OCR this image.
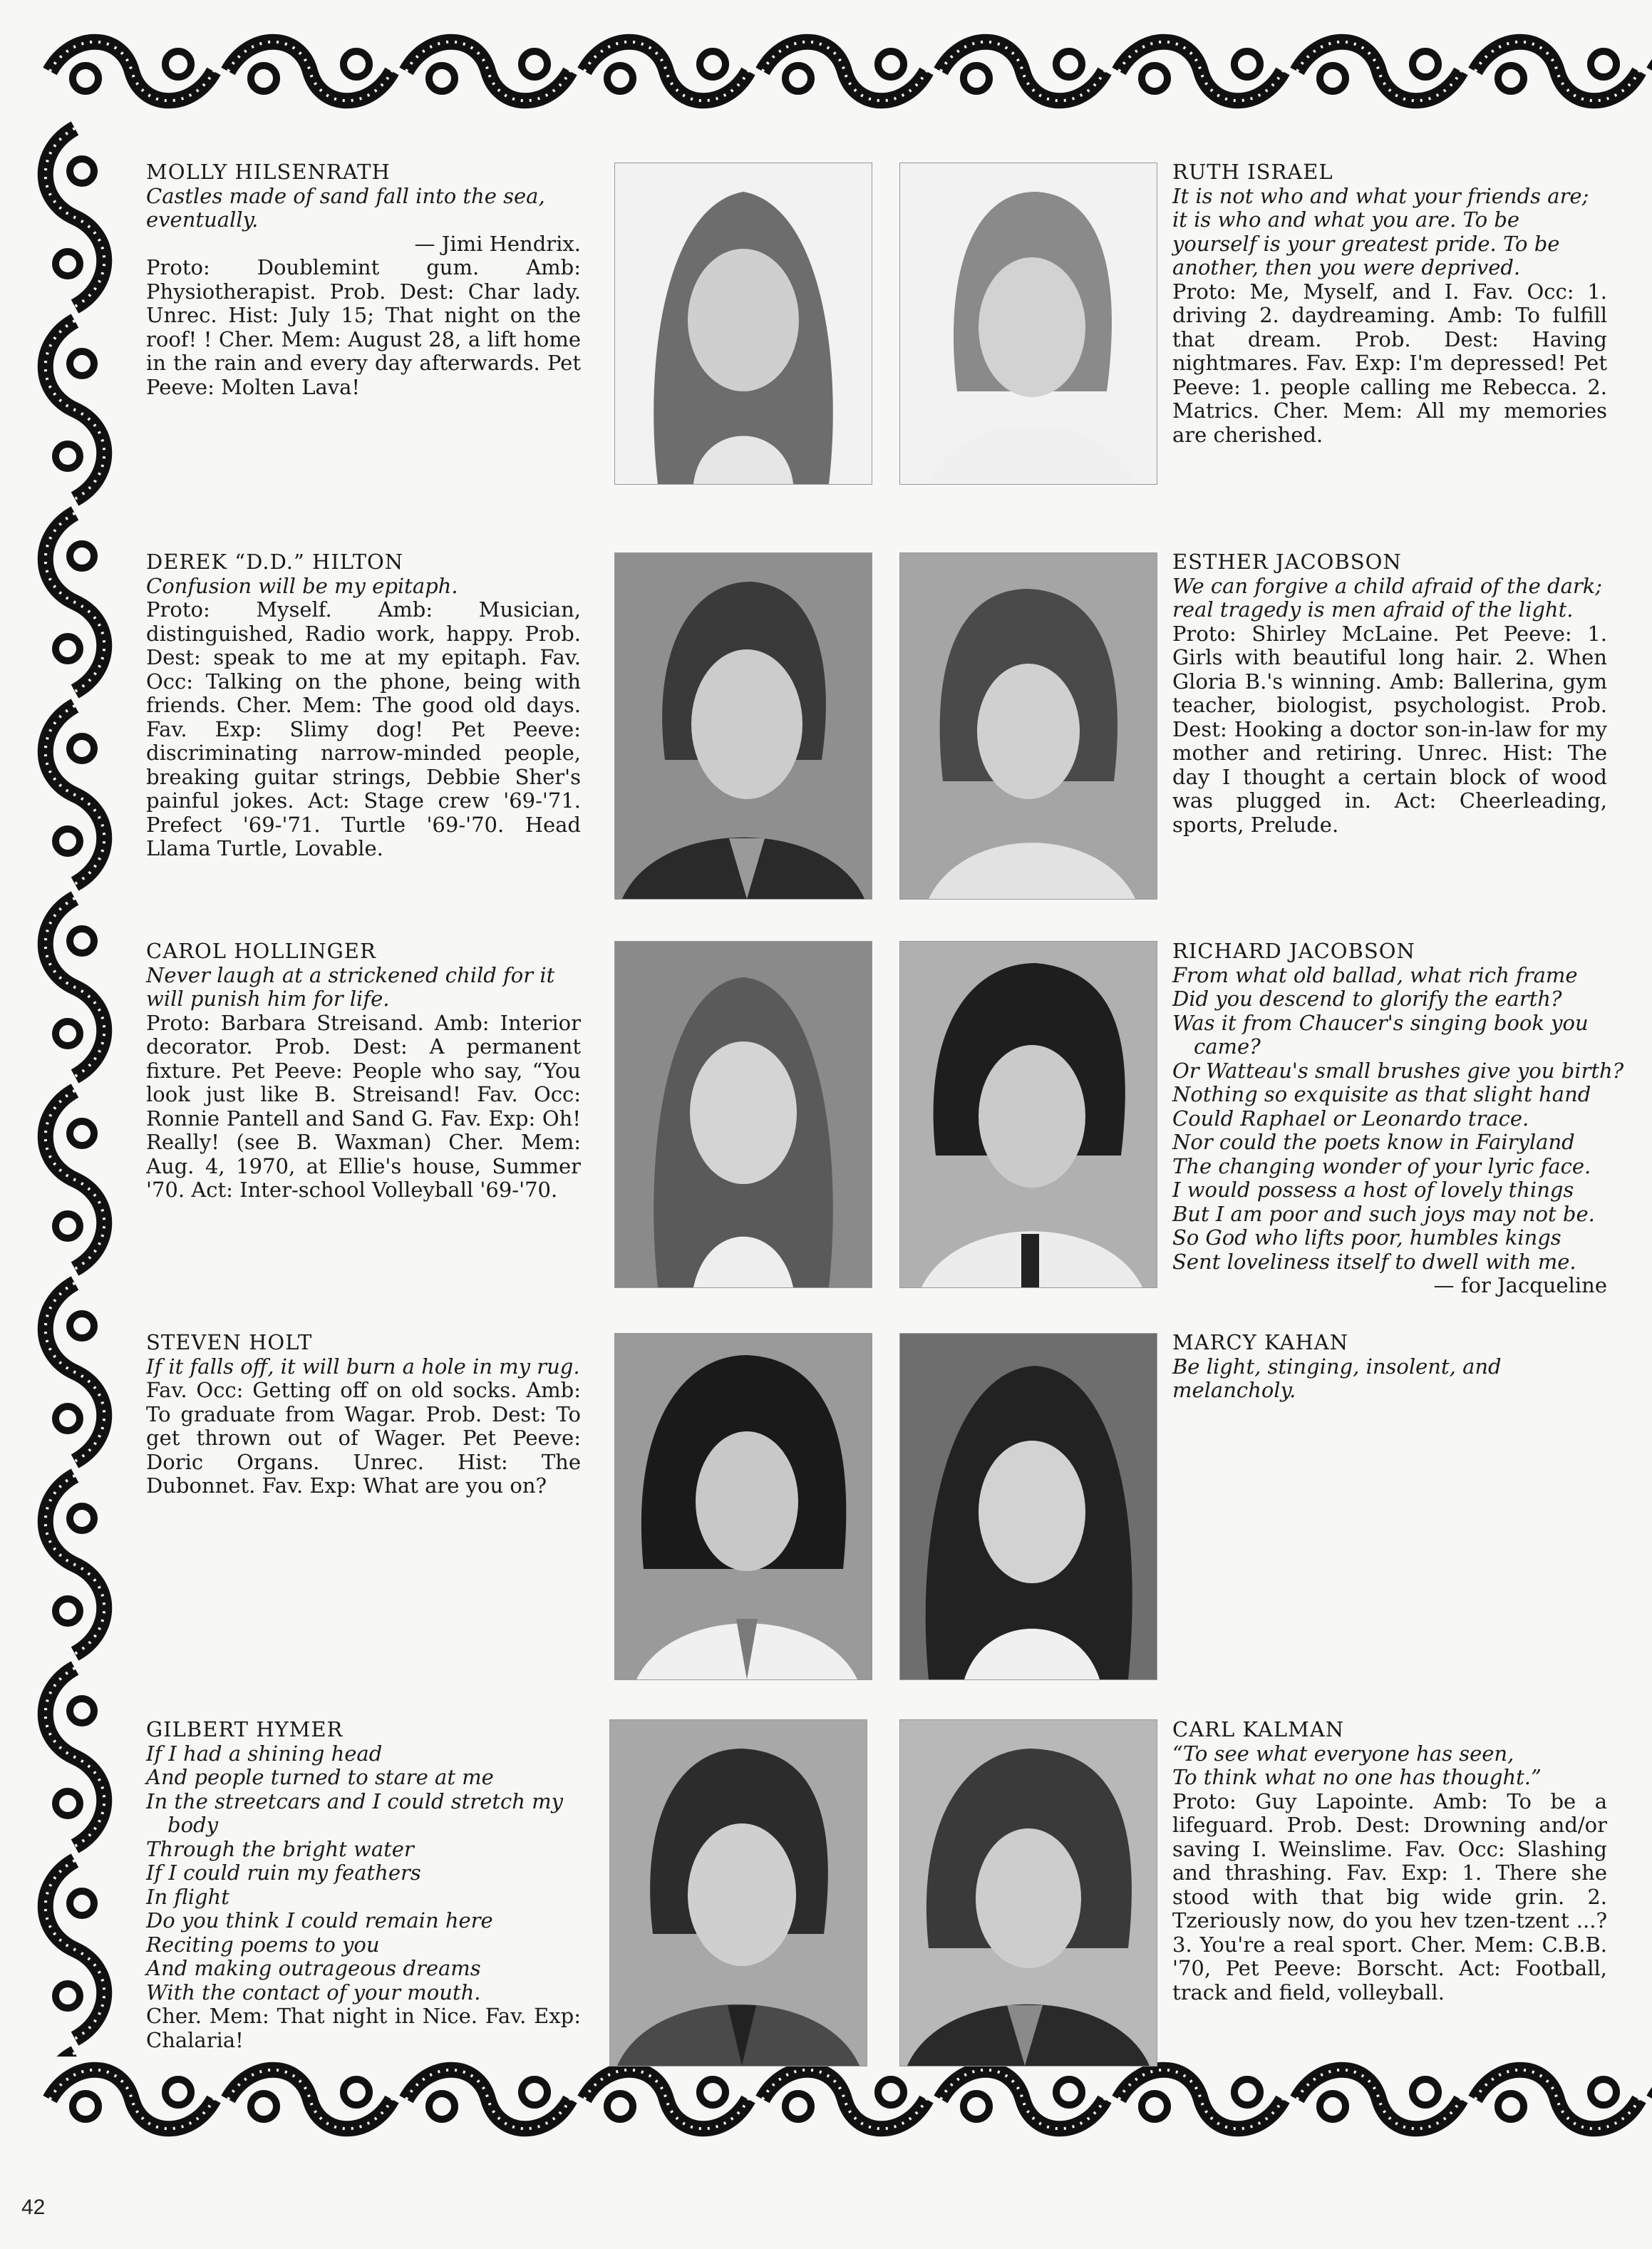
42
MOLLY HILSENRATH
Castles made of sand fall into the sea, eventually.
— Jimi Hendrix.
Proto: Doublemint gum. Amb: Physiotherapist. Prob. Dest: Char lady. Unrec. Hist: July 15; That night on the roof! ! Cher. Mem: August 28, a lift home in the rain and every day afterwards. Pet Peeve: Molten Lava!
RUTH ISRAEL
It is not who and what your friends are; it is who and what you are. To be yourself is your greatest pride. To be another, then you were deprived.
Proto: Me, Myself, and I. Fav. Occ: 1. driving 2. daydreaming. Amb: To fulfill that dream. Prob. Dest: Having nightmares. Fav. Exp: I'm depressed! Pet Peeve: 1. people calling me Rebecca. 2. Matrics. Cher. Mem: All my memories are cherished.
DEREK “D.D.” HILTON
Confusion will be my epitaph.
Proto: Myself. Amb: Musician, distinguished, Radio work, happy. Prob. Dest: speak to me at my epitaph. Fav. Occ: Talking on the phone, being with friends. Cher. Mem: The good old days. Fav. Exp: Slimy dog! Pet Peeve: discriminating narrow-minded people, breaking guitar strings, Debbie Sher's painful jokes. Act: Stage crew '69-'71. Prefect '69-'71. Turtle '69-'70. Head Llama Turtle, Lovable.
ESTHER JACOBSON
We can forgive a child afraid of the dark; real tragedy is men afraid of the light.
Proto: Shirley McLaine. Pet Peeve: 1. Girls with beautiful long hair. 2. When Gloria B.'s winning. Amb: Ballerina, gym teacher, biologist, psychologist. Prob. Dest: Hooking a doctor son-in-law for my mother and retiring. Unrec. Hist: The day I thought a certain block of wood was plugged in. Act: Cheerleading, sports, Prelude.
CAROL HOLLINGER
Never laugh at a strickened child for it will punish him for life.
Proto: Barbara Streisand. Amb: Interior decorator. Prob. Dest: A permanent fixture. Pet Peeve: People who say, “You look just like B. Streisand! Fav. Occ: Ronnie Pantell and Sand G. Fav. Exp: Oh! Really! (see B. Waxman) Cher. Mem: Aug. 4, 1970, at Ellie's house, Summer '70. Act: Inter-school Volleyball '69-'70.
RICHARD JACOBSON
From what old ballad, what rich frame
Did you descend to glorify the earth?
Was it from Chaucer's singing book you
came?
Or Watteau's small brushes give you birth?
Nothing so exquisite as that slight hand
Could Raphael or Leonardo trace.
Nor could the poets know in Fairyland
The changing wonder of your lyric face.
I would possess a host of lovely things
But I am poor and such joys may not be.
So God who lifts poor, humbles kings
Sent loveliness itself to dwell with me.
— for Jacqueline
STEVEN HOLT
If it falls off, it will burn a hole in my rug.
Fav. Occ: Getting off on old socks. Amb: To graduate from Wagar. Prob. Dest: To get thrown out of Wager. Pet Peeve: Doric Organs. Unrec. Hist: The Dubonnet. Fav. Exp: What are you on?
MARCY KAHAN
Be light, stinging, insolent, and melancholy.
GILBERT HYMER
If I had a shining head
And people turned to stare at me
In the streetcars and I could stretch my
body
Through the bright water
If I could ruin my feathers
In flight
Do you think I could remain here
Reciting poems to you
And making outrageous dreams
With the contact of your mouth.
Cher. Mem: That night in Nice. Fav. Exp: Chalaria!
CARL KALMAN
“To see what everyone has seen,
To think what no one has thought.”
Proto: Guy Lapointe. Amb: To be a lifeguard. Prob. Dest: Drowning and/or saving I. Weinslime. Fav. Occ: Slashing and thrashing. Fav. Exp: 1. There she stood with that big wide grin. 2. Tzeriously now, do you hev tzen-tzent ...? 3. You're a real sport. Cher. Mem: C.B.B. '70, Pet Peeve: Borscht. Act: Football, track and field, volleyball.
